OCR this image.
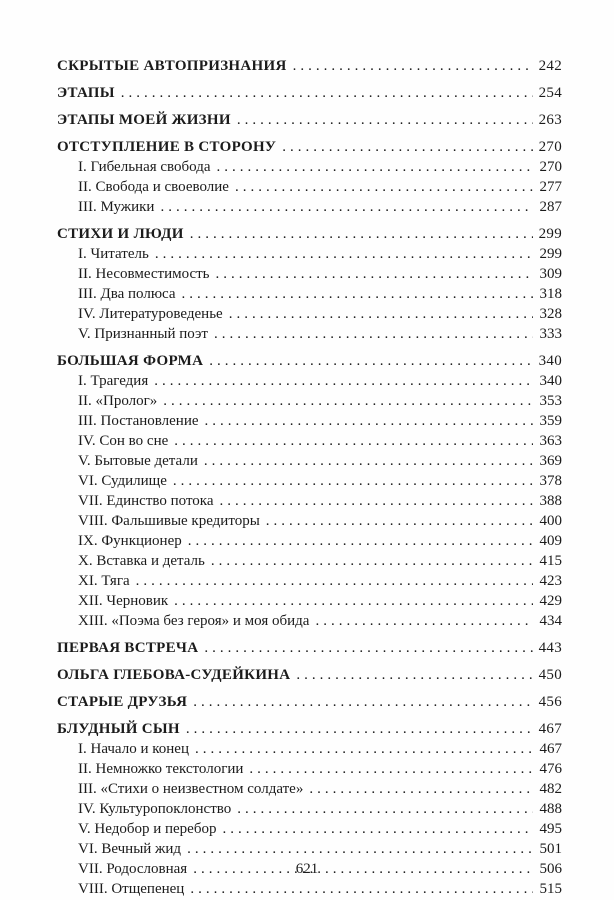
СКРЫТЫЕ АВТОПРИЗНАНИЯ .....	242
ЭТАПЫ .....	254
ЭТАПЫ МОЕЙ ЖИЗНИ .....	263
ОТСТУПЛЕНИЕ В СТОРОНУ .....	270
I. Гибельная свобода .....	270
II. Свобода и своеволие .....	277
III. Мужики .....	287
СТИХИ И ЛЮДИ .....	299
I. Читатель .....	299
II. Несовместимость .....	309
III. Два полюса .....	318
IV. Литературоведенье .....	328
V. Признанный поэт .....	333
БОЛЬШАЯ ФОРМА .....	340
I. Трагедия .....	340
II. «Пролог» .....	353
III. Постановление .....	359
IV. Сон во сне .....	363
V. Бытовые детали .....	369
VI. Судилище .....	378
VII. Единство потока .....	388
VIII. Фальшивые кредиторы .....	400
IX. Функционер .....	409
X. Вставка и деталь .....	415
XI. Тяга .....	423
XII. Черновик .....	429
XIII. «Поэма без героя» и моя обида .....	434
ПЕРВАЯ ВСТРЕЧА .....	443
ОЛЬГА ГЛЕБОВА-СУДЕЙКИНА .....	450
СТАРЫЕ ДРУЗЬЯ .....	456
БЛУДНЫЙ СЫН .....	467
I. Начало и конец .....	467
II. Немножко текстологии .....	476
III. «Стихи о неизвестном солдате» .....	482
IV. Культуропоклонство .....	488
V. Недобор и перебор .....	495
VI. Вечный жид .....	501
VII. Родословная .....	506
VIII. Отщепенец .....	515
621
